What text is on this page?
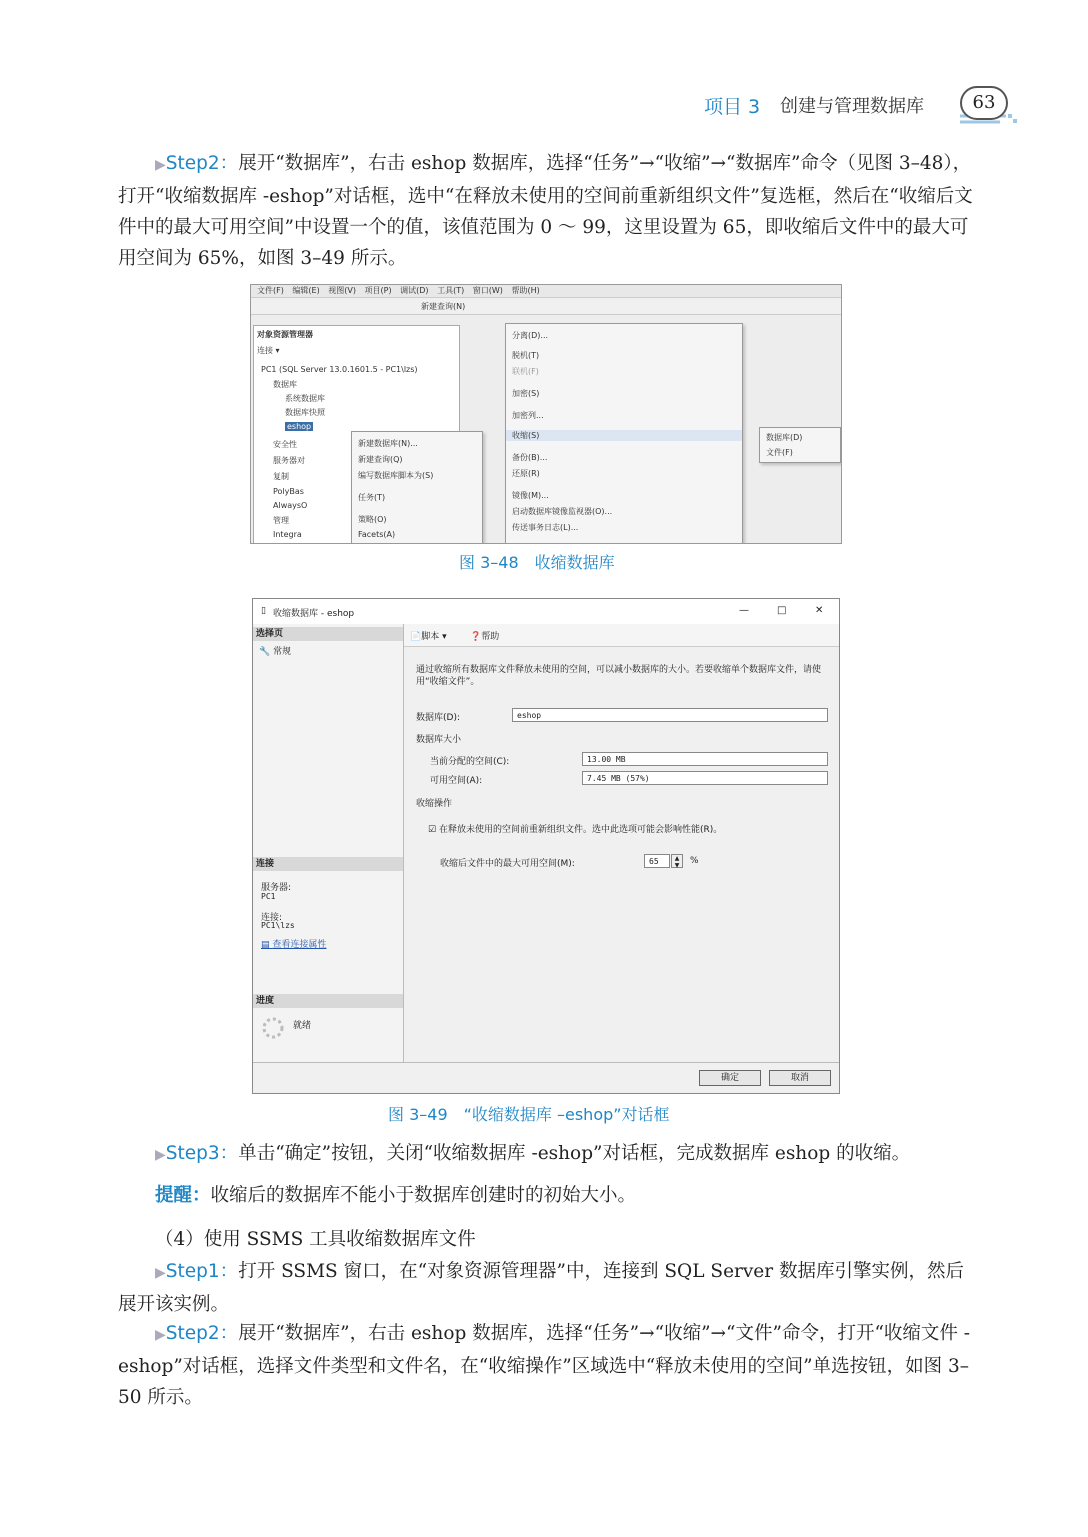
项目 3 创建与管理数据库	63

▶Step2：展开“数据库”，右击 eshop 数据库，选择“任务”→“收缩”→“数据库”命令（见图 3–48），打开“收缩数据库 -eshop”对话框，选中“在释放未使用的空间前重新组织文件”复选框，然后在“收缩后文件中的最大可用空间”中设置一个的值，该值范围为 0 ～ 99，这里设置为 65，即收缩后文件中的最大可用空间为 65%，如图 3–49 所示。

文件(F) 编辑(E) 视图(V) 项目(P) 调试(D) 工具(T) 窗口(W) 帮助(H)
新建查询(N)
对象资源管理器
连接 ▾
PC1 (SQL Server 13.0.1601.5 - PC1\lzs)
数据库
系统数据库
数据库快照
eshop
安全性
服务器对
复制
PolyBas
AlwaysO
管理
Integra
新建数据库(N)...
新建查询(Q)
编写数据库脚本为(S)
任务(T)
策略(O)
Facets(A)
分离(D)...
脱机(T)
联机(F)
加密(S)
加密列...
收缩(S)
备份(B)...
还原(R)
镜像(M)...
启动数据库镜像监视器(O)...
传送事务日志(L)...
数据库(D)
文件(F)
图 3–48　收缩数据库
▯ 收缩数据库 - eshop	—	□	✕
选择页
🔧 常规
连接
服务器:
PC1
连接:
PC1\lzs
▤ 查看连接属性
进度
就绪
📄脚本 ▾	❓帮助
通过收缩所有数据库文件释放未使用的空间，可以减小数据库的大小。若要收缩单个数据库文件，请使用“收缩文件”。
数据库(D):	eshop
数据库大小
当前分配的空间(C):	13.00 MB
可用空间(A):	7.45 MB (57%)
收缩操作
☑ 在释放未使用的空间前重新组织文件。选中此选项可能会影响性能(R)。
收缩后文件中的最大可用空间(M):	65	▲
▼	%
确定	取消
图 3–49　“收缩数据库 –eshop”对话框

▶Step3：单击“确定”按钮，关闭“收缩数据库 -eshop”对话框，完成数据库 eshop 的收缩。

提醒：收缩后的数据库不能小于数据库创建时的初始大小。

（4）使用 SSMS 工具收缩数据库文件

▶Step1：打开 SSMS 窗口，在“对象资源管理器”中，连接到 SQL Server 数据库引擎实例，然后展开该实例。

▶Step2：展开“数据库”，右击 eshop 数据库，选择“任务”→“收缩”→“文件”命令，打开“收缩文件 -eshop”对话框，选择文件类型和文件名，在“收缩操作”区域选中“释放未使用的空间”单选按钮，如图 3–50 所示。
